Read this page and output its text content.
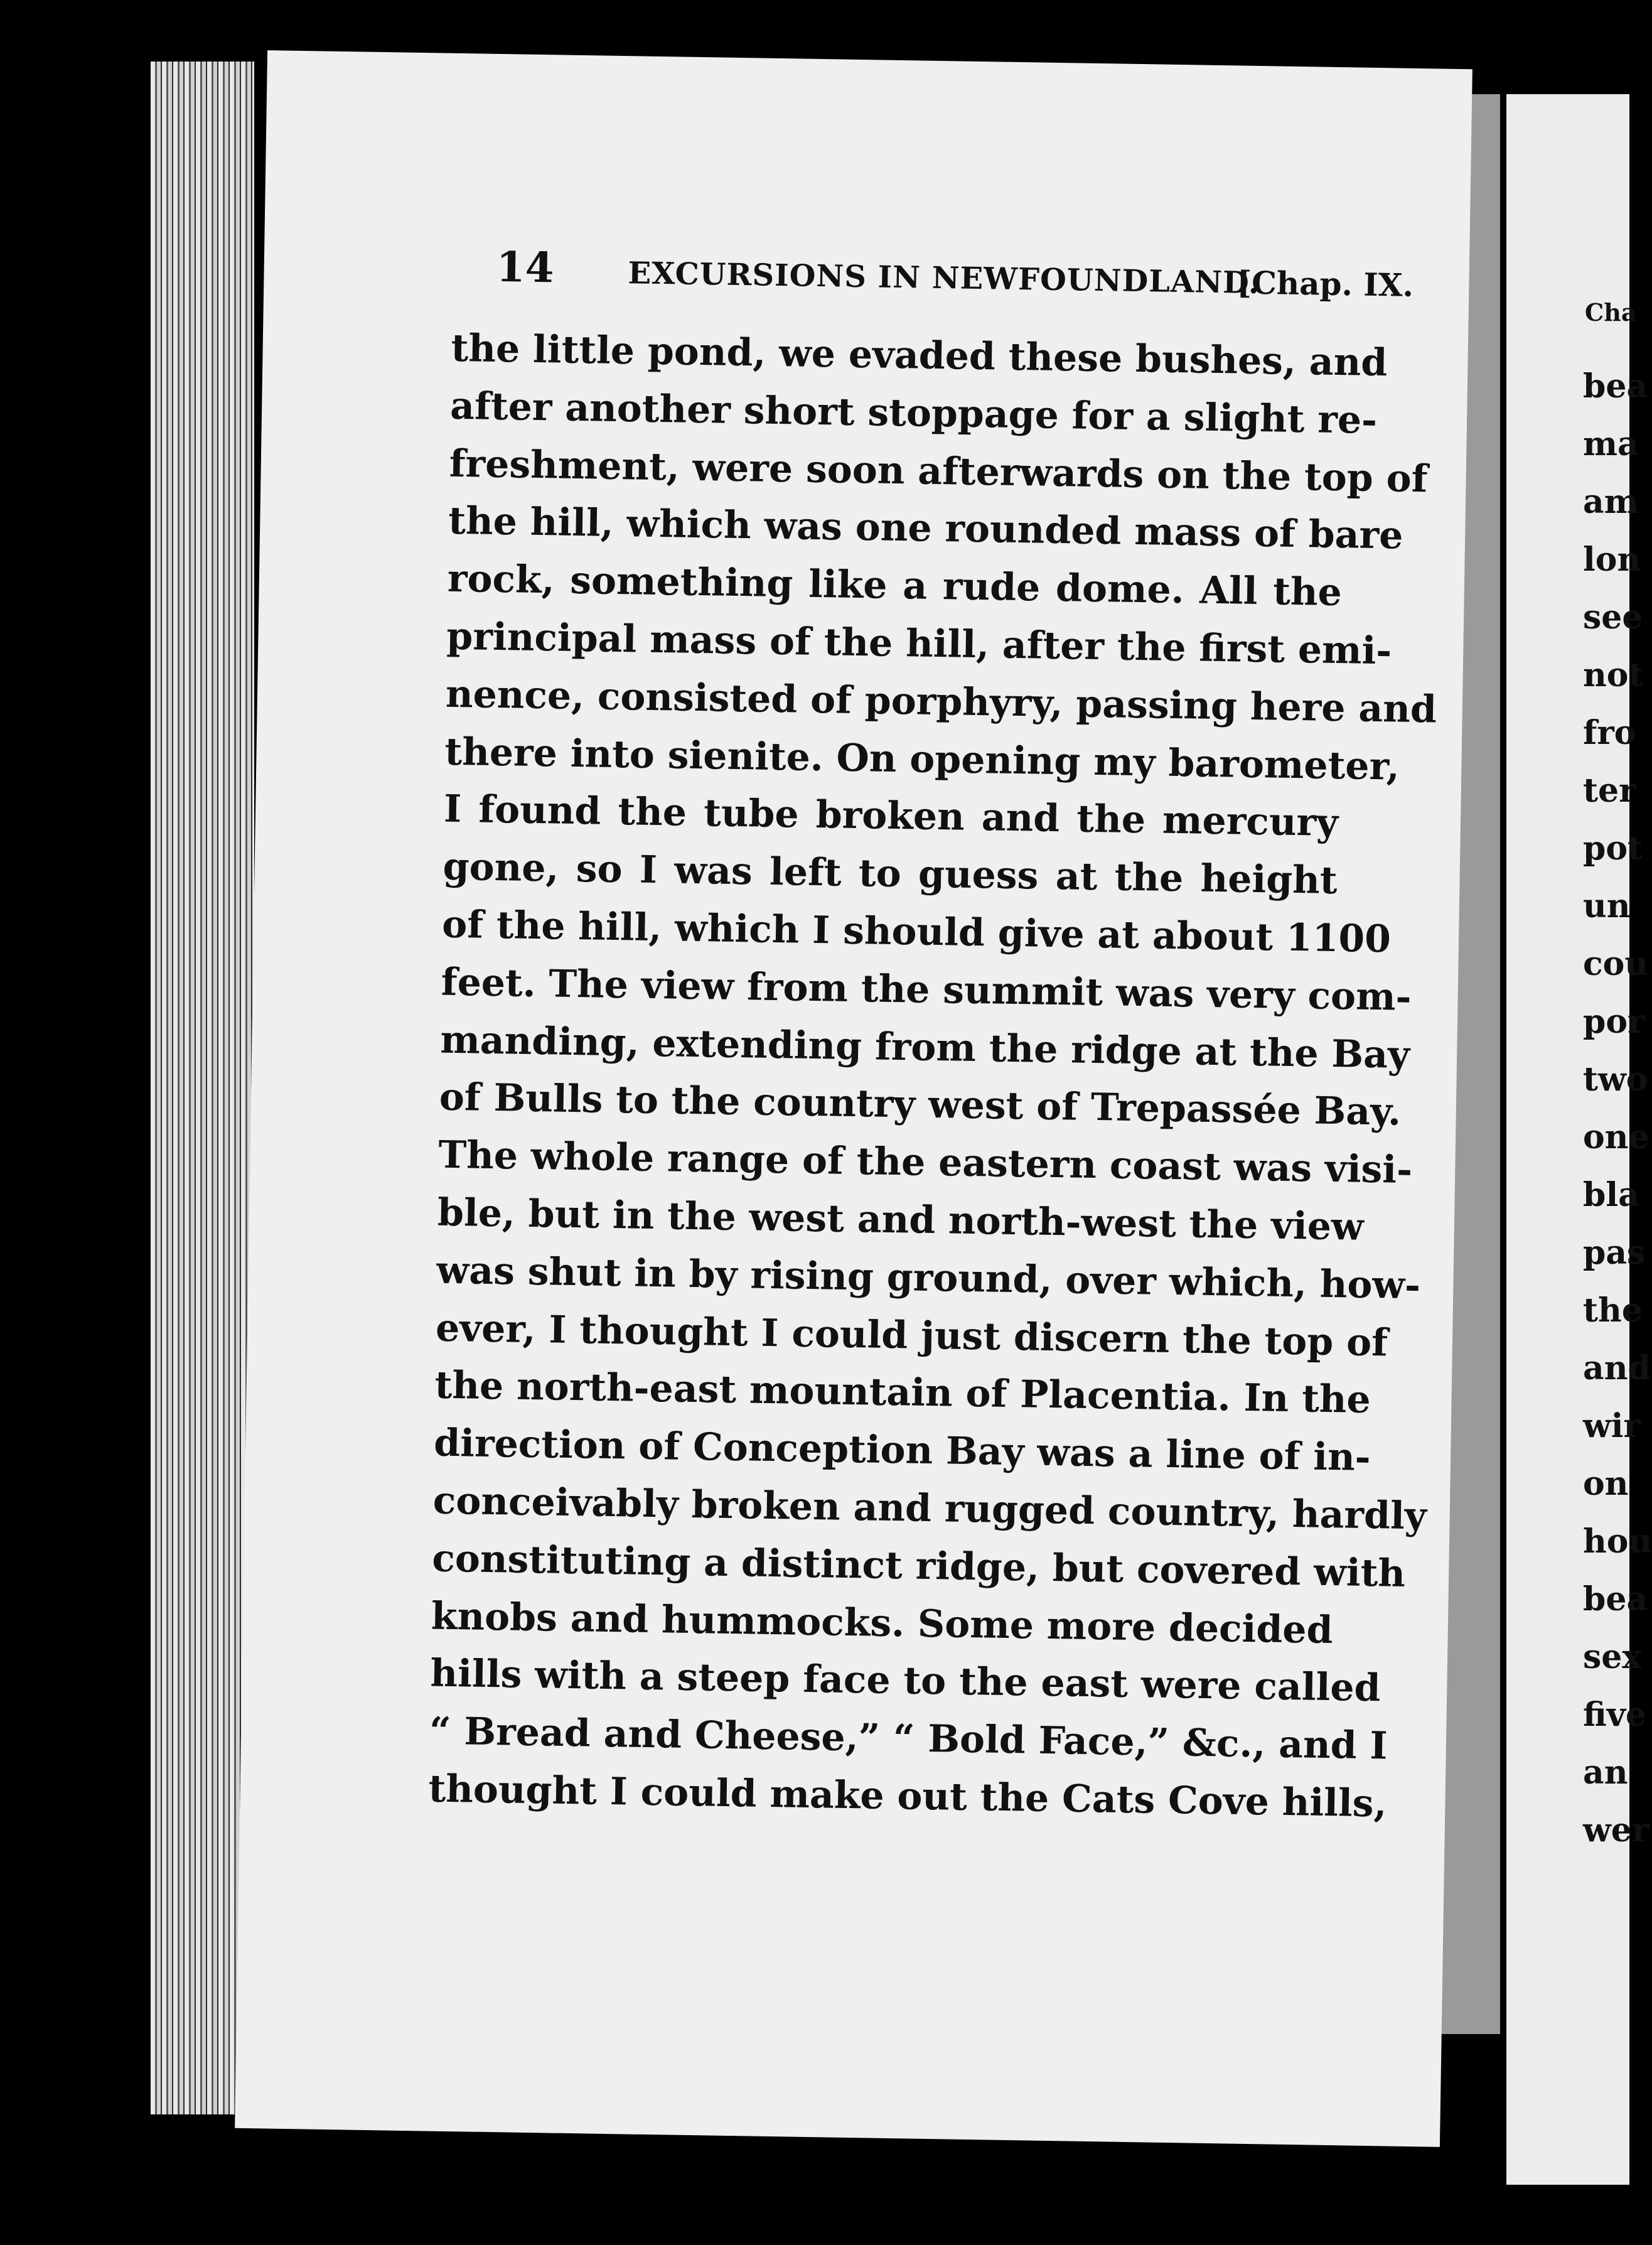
14 EXCURSIONS IN NEWFOUNDLAND.
[Chap. IX.
the little pond, we evaded these bushes, and
after another short stoppage for a slight re-
freshment, were soon afterwards on the top of
the hill, which was one rounded mass of bare
rock, something like a rude dome. All the
principal mass of the hill, after the first emi-
nence, consisted of porphyry, passing here and
there into sienite. On opening my barometer,
I found the tube broken and the mercury
gone, so I was left to guess at the height
of the hill, which I should give at about 1100
feet. The view from the summit was very com-
manding, extending from the ridge at the Bay
of Bulls to the country west of Trepassée Bay.
The whole range of the eastern coast was visi-
ble, but in the west and north-west the view
was shut in by rising ground, over which, how-
ever, I thought I could just discern the top of
the north-east mountain of Placentia. In the
direction of Conception Bay was a line of in-
conceivably broken and rugged country, hardly
constituting a distinct ridge, but covered with
knobs and hummocks. Some more decided
hills with a steep face to the east were called
“ Bread and Cheese,” “ Bold Face,” &c., and I
thought I could make out the Cats Cove hills,
Cha
bea
ma
am
lon
see
not
fro
ter
pot
un
cou
por
two
one
bla
pas
the
and
wir
on
hou
bea
sex
five
an
wer
